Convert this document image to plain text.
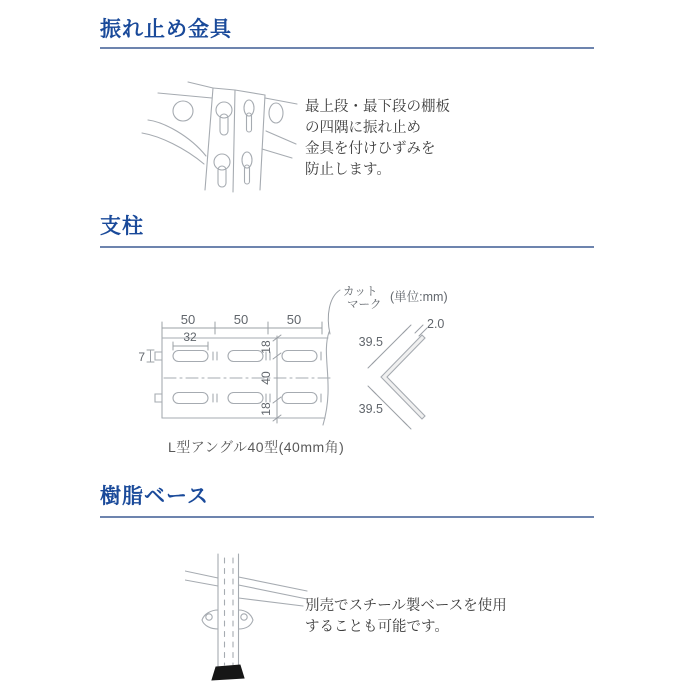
振れ止め金具
最上段・最下段の棚板
の四隅に振れ止め
金具を付けひずみを
防止します。
支柱
50	50	50
32
7
18
40
18
カット
マーク
(単位:mm)
39.5
39.5
2.0
L型アングル40型(40mm角)
樹脂ベース
別売でスチール製ベースを使用
することも可能です。
